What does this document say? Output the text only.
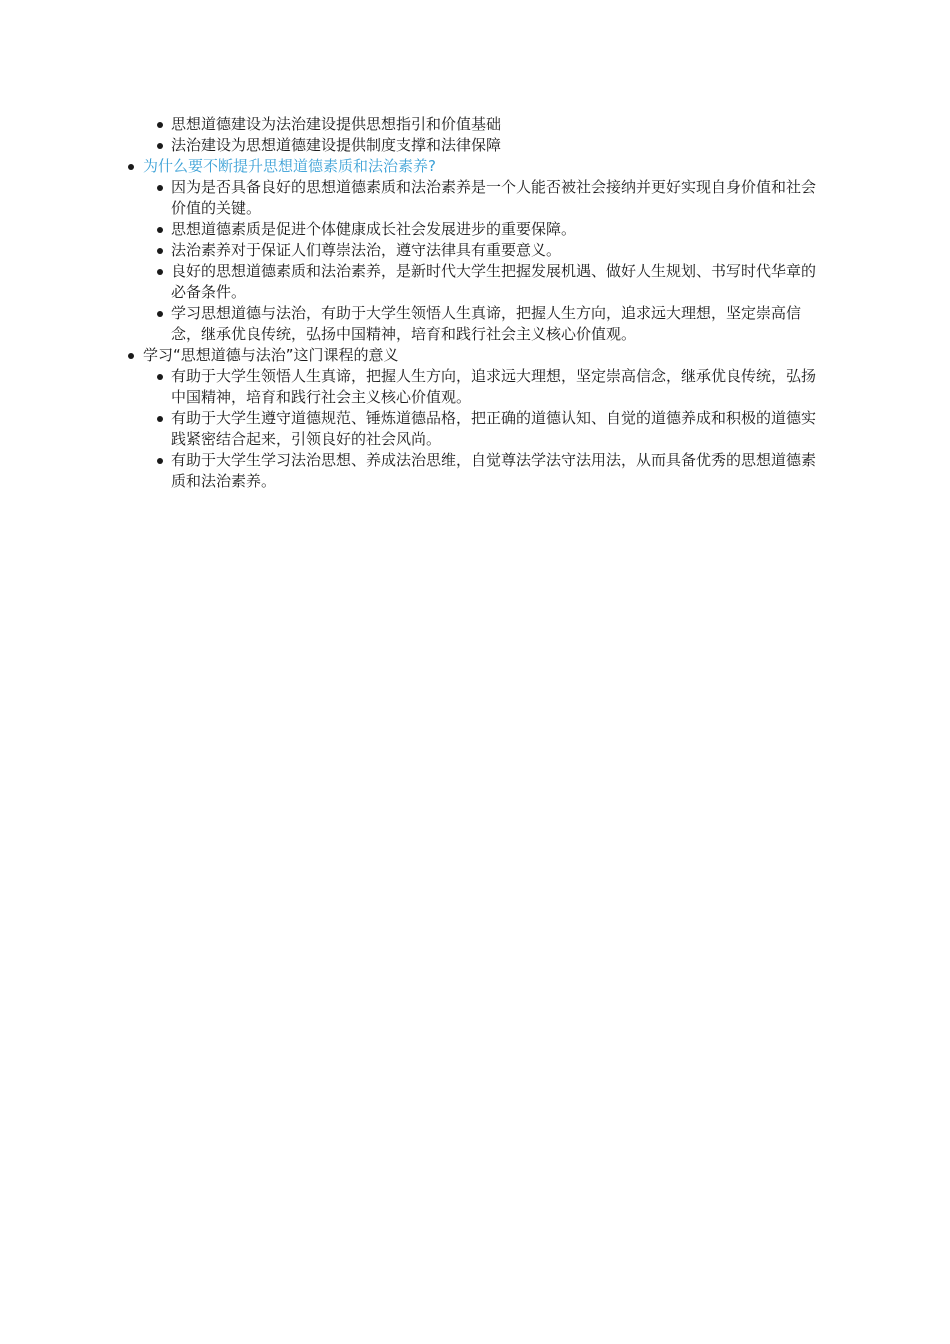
思想道德建设为法治建设提供思想指引和价值基础
法治建设为思想道德建设提供制度支撑和法律保障
为什么要不断提升思想道德素质和法治素养?
因为是否具备良好的思想道德素质和法治素养是一个人能否被社会接纳并更好实现自身价值和社会价值的关键。
思想道德素质是促进个体健康成长社会发展进步的重要保障。
法治素养对于保证人们尊崇法治，遵守法律具有重要意义。
良好的思想道德素质和法治素养，是新时代大学生把握发展机遇、做好人生规划、书写时代华章的必备条件。
学习思想道德与法治，有助于大学生领悟人生真谛，把握人生方向，追求远大理想，坚定崇高信念，继承优良传统，弘扬中国精神，培育和践行社会主义核心价值观。
学习“思想道德与法治”这门课程的意义
有助于大学生领悟人生真谛，把握人生方向，追求远大理想，坚定崇高信念，继承优良传统，弘扬中国精神，培育和践行社会主义核心价值观。
有助于大学生遵守道德规范、锤炼道德品格，把正确的道德认知、自觉的道德养成和积极的道德实践紧密结合起来，引领良好的社会风尚。
有助于大学生学习法治思想、养成法治思维，自觉尊法学法守法用法，从而具备优秀的思想道德素质和法治素养。
